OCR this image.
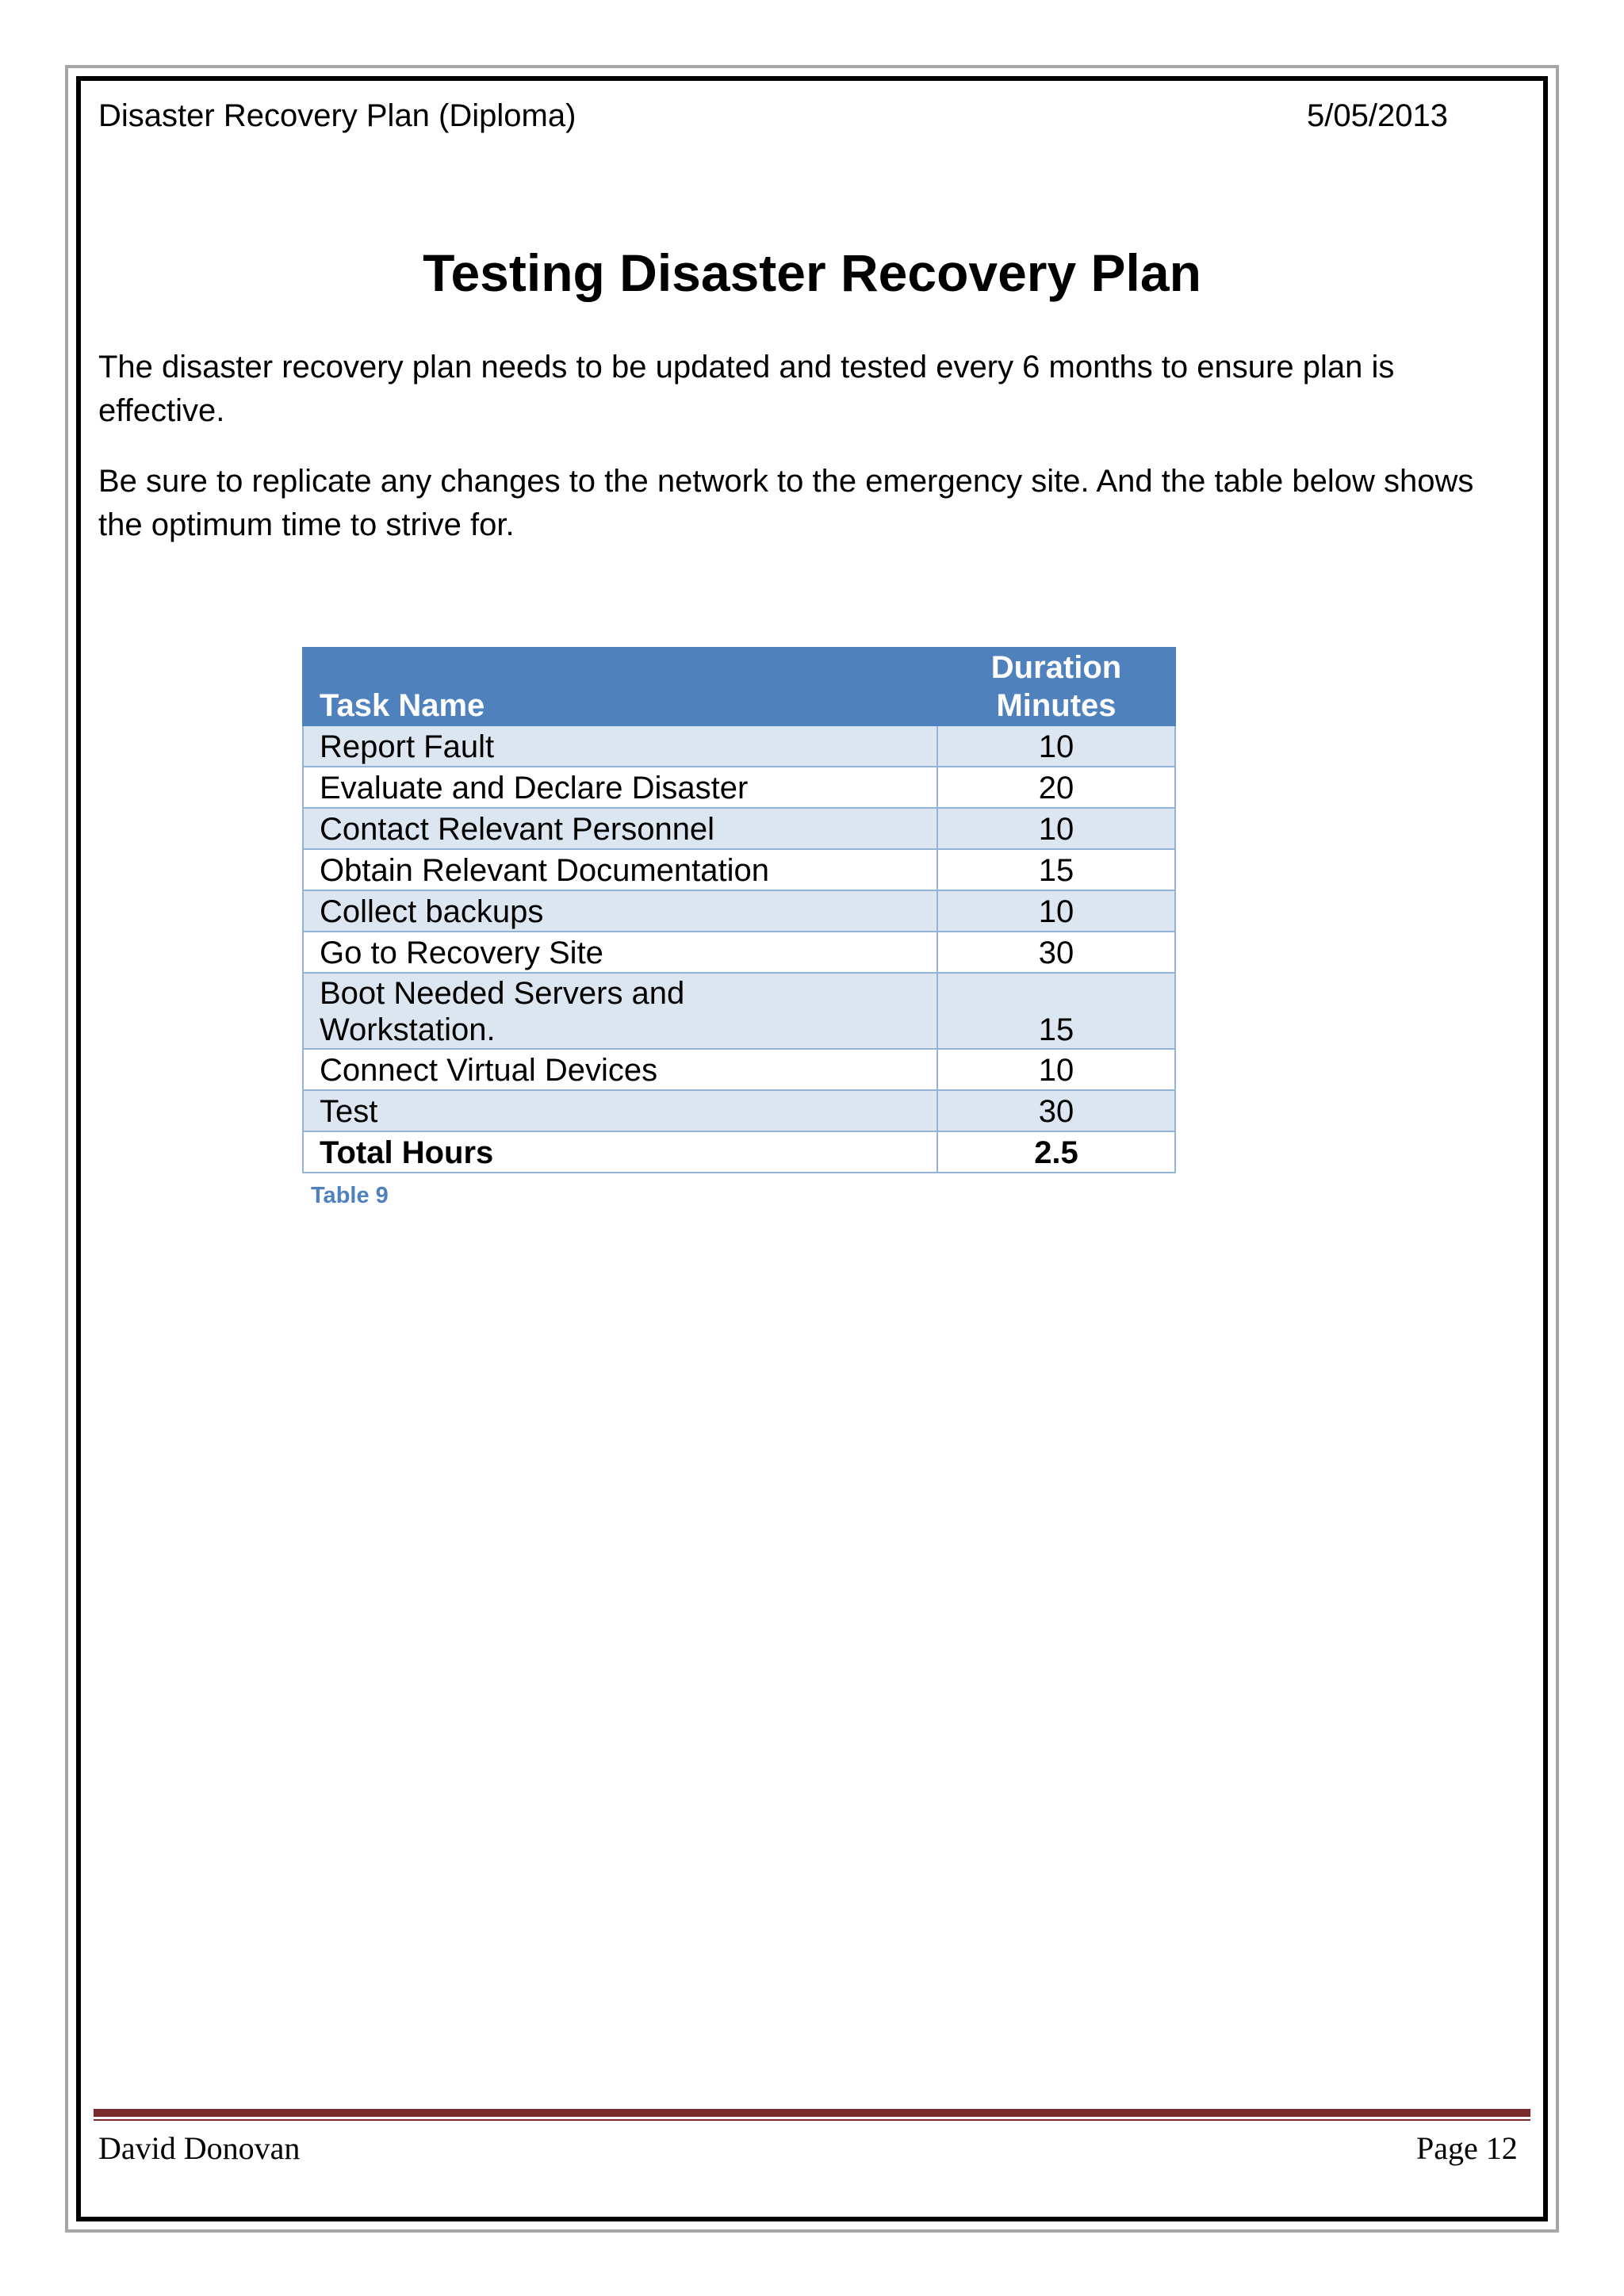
Disaster Recovery Plan (Diploma)	5/05/2013
Testing Disaster Recovery Plan

The disaster recovery plan needs to be updated and tested every 6 months to ensure plan is effective.

Be sure to replicate any changes to the network to the emergency site. And the table below shows the optimum time to strive for.

Task Name	Duration
Minutes
Report Fault	10
Evaluate and Declare Disaster	20
Contact Relevant Personnel	10
Obtain Relevant Documentation	15
Collect backups	10
Go to Recovery Site	30
Boot Needed Servers and
Workstation.	15
Connect Virtual Devices	10
Test	30
Total Hours	2.5
Table 9
David Donovan	Page 12
